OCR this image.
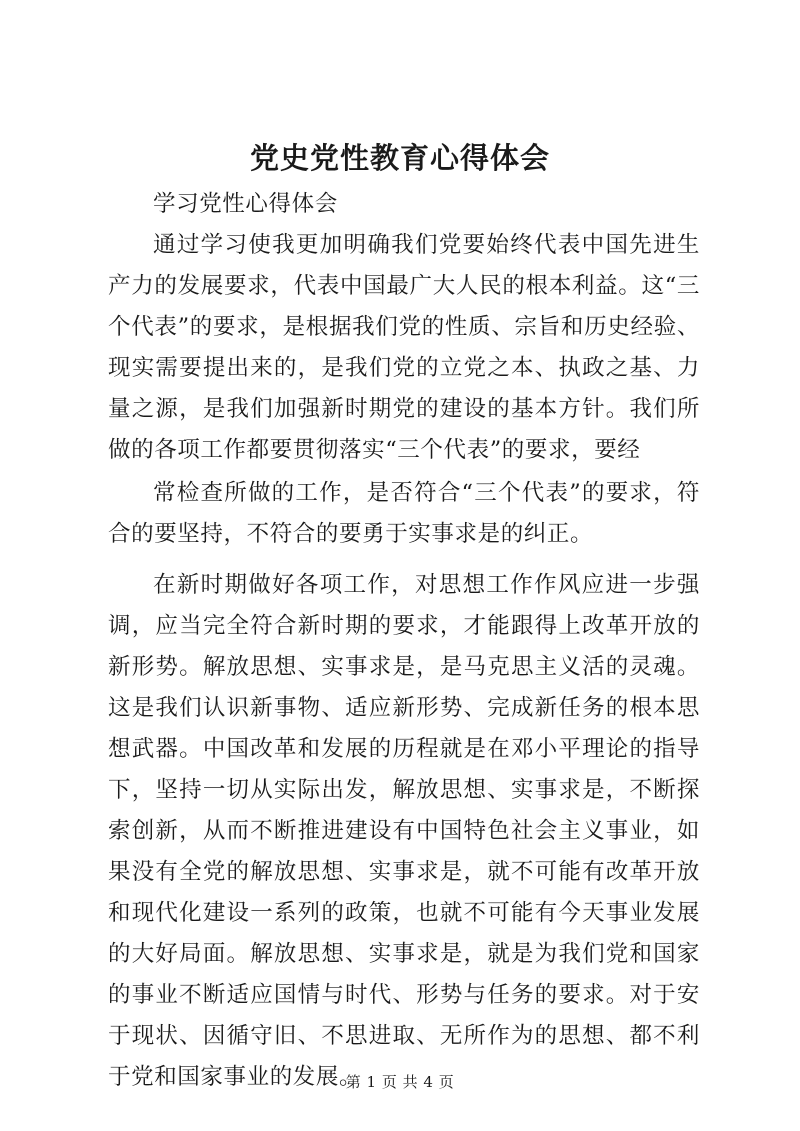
党史党性教育心得体会

学习党性心得体会

通过学习使我更加明确我们党要始终代表中国先进生产力的发展要求，代表中国最广大人民的根本利益。这“三个代表”的要求，是根据我们党的性质、宗旨和历史经验、现实需要提出来的，是我们党的立党之本、执政之基、力量之源，是我们加强新时期党的建设的基本方针。我们所做的各项工作都要贯彻落实“三个代表”的要求，要经

常检查所做的工作，是否符合“三个代表”的要求，符合的要坚持，不符合的要勇于实事求是的纠正。

在新时期做好各项工作，对思想工作作风应进一步强调，应当完全符合新时期的要求，才能跟得上改革开放的新形势。解放思想、实事求是，是马克思主义活的灵魂。这是我们认识新事物、适应新形势、完成新任务的根本思想武器。中国改革和发展的历程就是在邓小平理论的指导下，坚持一切从实际出发，解放思想、实事求是，不断探索创新，从而不断推进建设有中国特色社会主义事业，如果没有全党的解放思想、实事求是，就不可能有改革开放和现代化建设一系列的政策，也就不可能有今天事业发展的大好局面。解放思想、实事求是，就是为我们党和国家的事业不断适应国情与时代、形势与任务的要求。对于安于现状、因循守旧、不思进取、无所作为的思想、都不利于党和国家事业的发展。

第 1 页 共 4 页
